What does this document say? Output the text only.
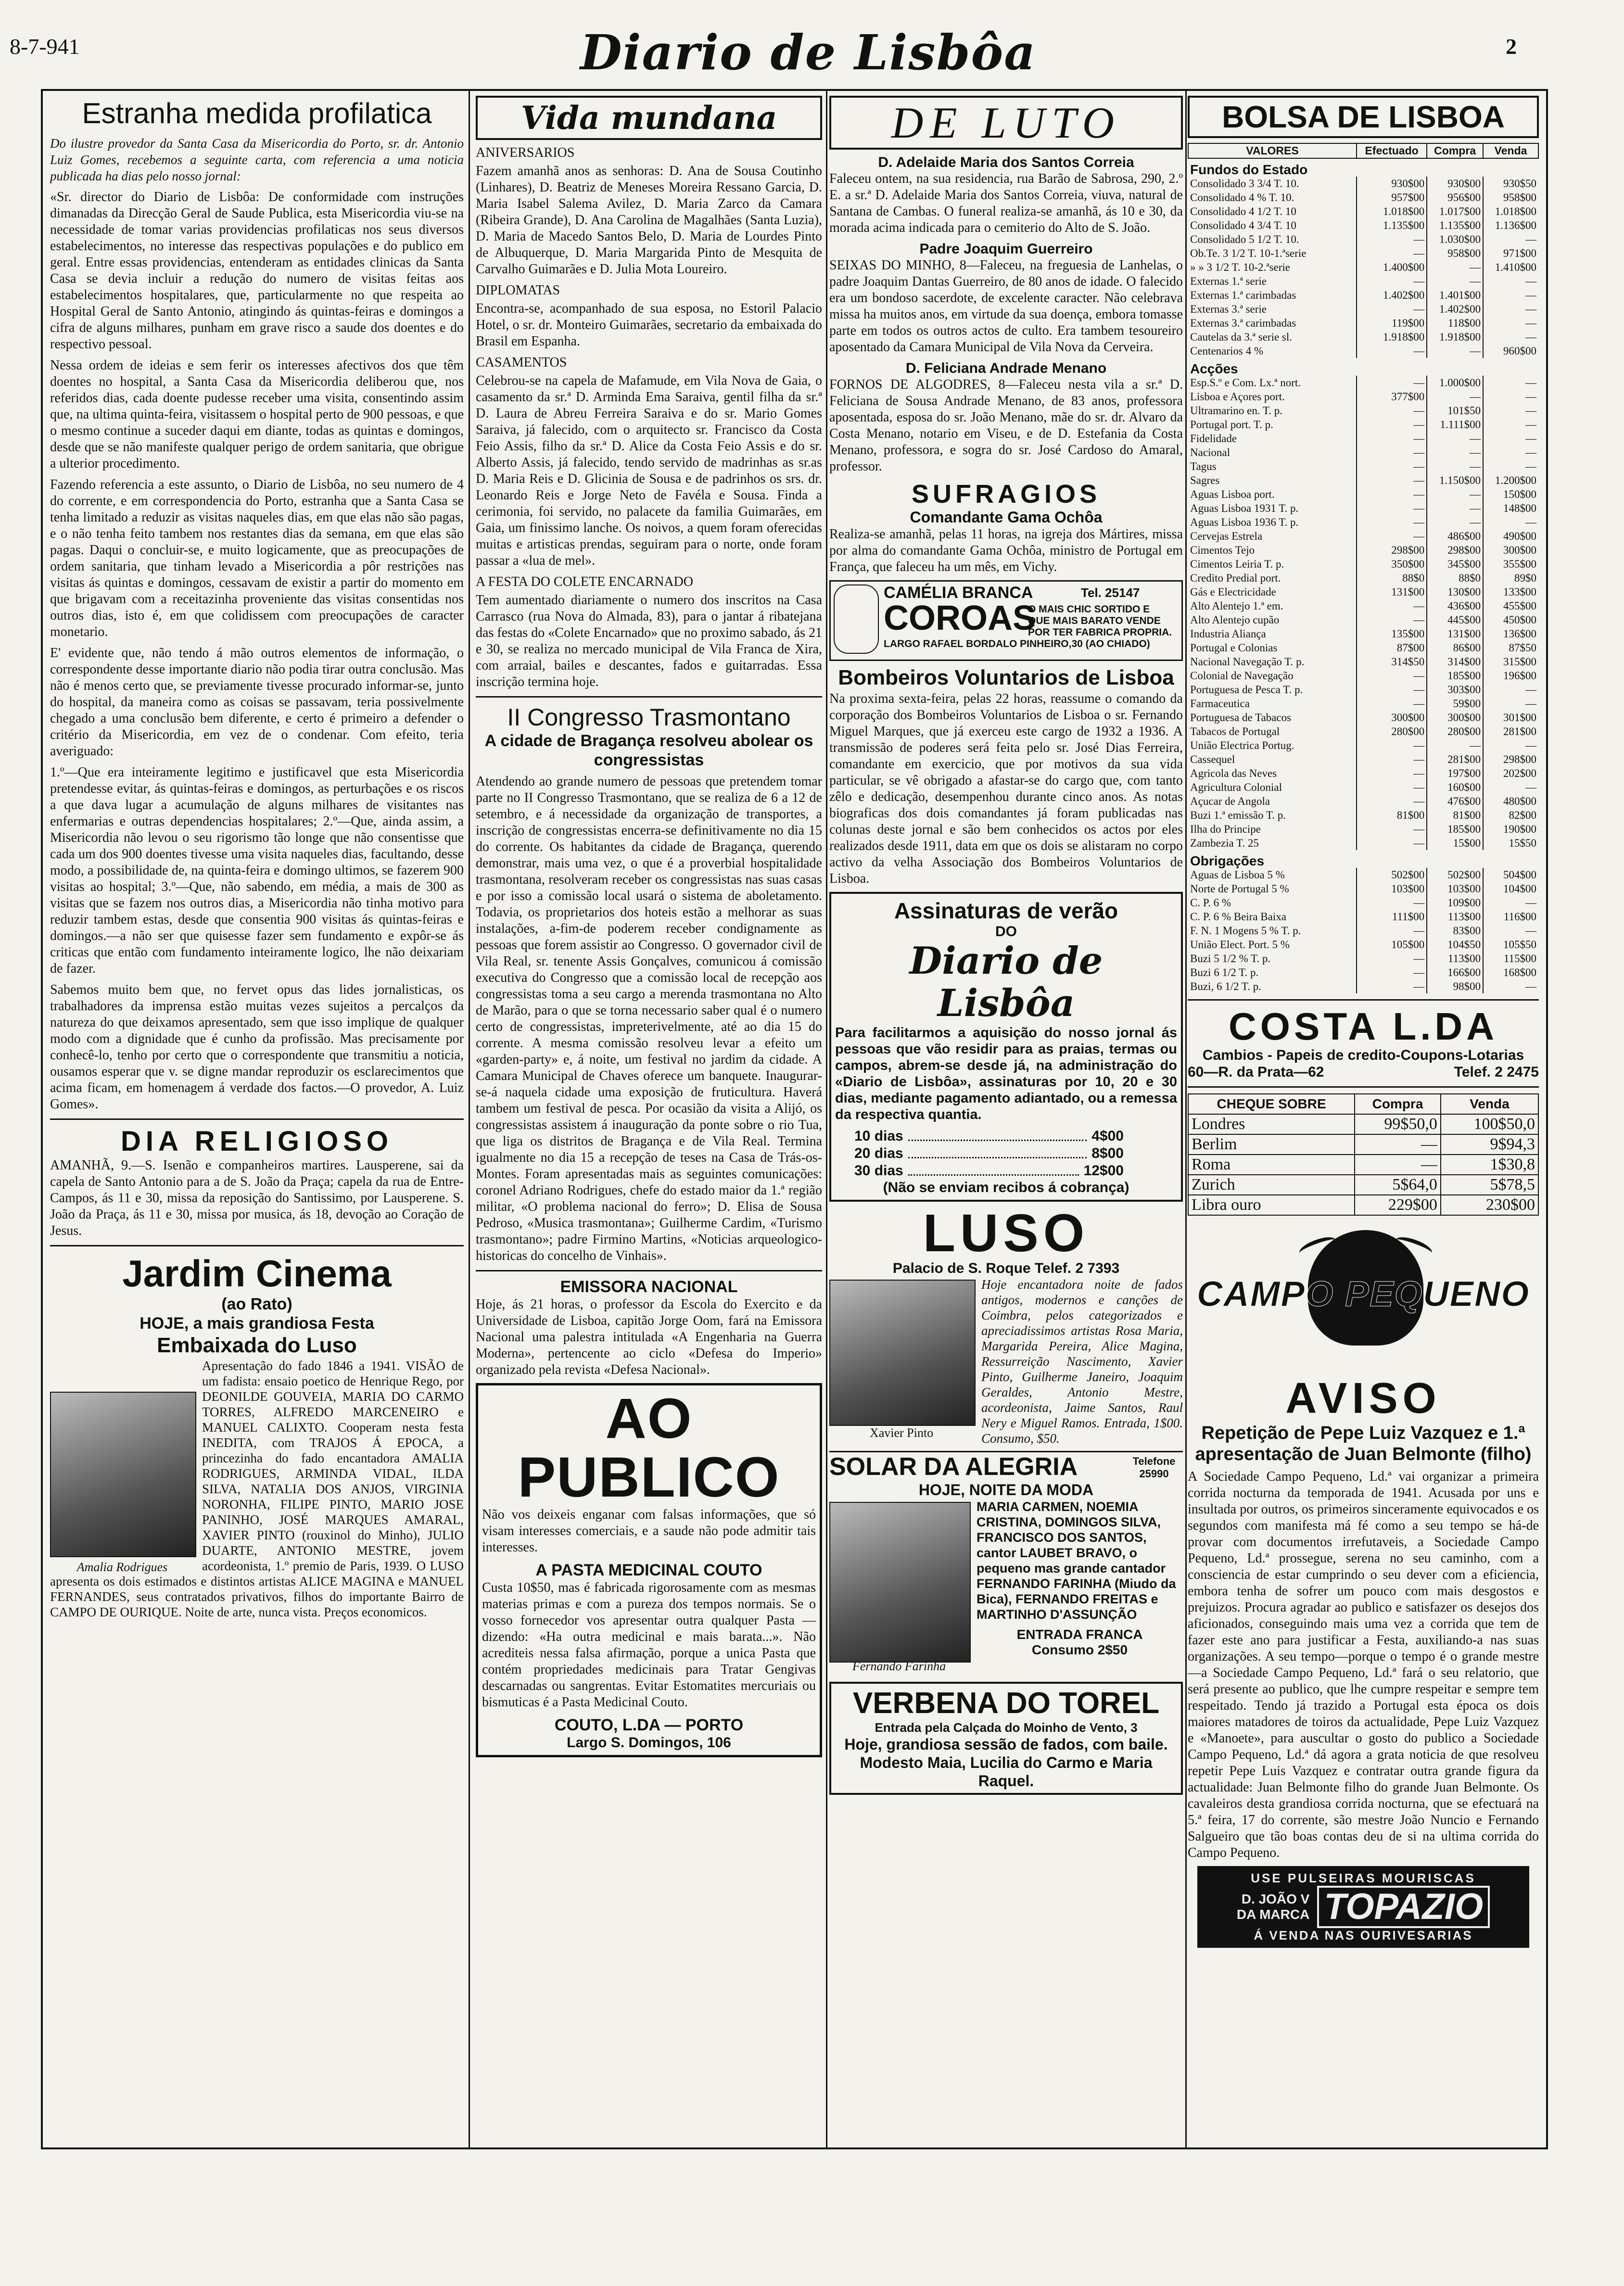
8-7-941	Diario de Lisbôa	2
Estranha medida profilatica

Do ilustre provedor da Santa Casa da Misericordia do Porto, sr. dr. Antonio Luiz Gomes, recebemos a seguinte carta, com referencia a uma noticia publicada ha dias pelo nosso jornal:

«Sr. director do Diario de Lisbôa: De conformidade com instruções dimanadas da Direcção Geral de Saude Publica, esta Misericordia viu-se na necessidade de tomar varias providencias profilaticas nos seus diversos estabelecimentos, no interesse das respectivas populações e do publico em geral. Entre essas providencias, entenderam as entidades clinicas da Santa Casa se devia incluir a redução do numero de visitas feitas aos estabelecimentos hospitalares, que, particularmente no que respeita ao Hospital Geral de Santo Antonio, atingindo ás quintas-feiras e domingos a cifra de alguns milhares, punham em grave risco a saude dos doentes e do respectivo pessoal.

Nessa ordem de ideias e sem ferir os interesses afectivos dos que têm doentes no hospital, a Santa Casa da Misericordia deliberou que, nos referidos dias, cada doente pudesse receber uma visita, consentindo assim que, na ultima quinta-feira, visitassem o hospital perto de 900 pessoas, e que o mesmo continue a suceder daqui em diante, todas as quintas e domingos, desde que se não manifeste qualquer perigo de ordem sanitaria, que obrigue a ulterior procedimento.

Fazendo referencia a este assunto, o Diario de Lisbôa, no seu numero de 4 do corrente, e em correspondencia do Porto, estranha que a Santa Casa se tenha limitado a reduzir as visitas naqueles dias, em que elas não são pagas, e o não tenha feito tambem nos restantes dias da semana, em que elas são pagas. Daqui o concluir-se, e muito logicamente, que as preocupações de ordem sanitaria, que tinham levado a Misericordia a pôr restrições nas visitas ás quintas e domingos, cessavam de existir a partir do momento em que brigavam com a receitazinha proveniente das visitas consentidas nos outros dias, isto é, em que colidissem com preocupações de caracter monetario.

E' evidente que, não tendo á mão outros elementos de informação, o correspondente desse importante diario não podia tirar outra conclusão. Mas não é menos certo que, se previamente tivesse procurado informar-se, junto do hospital, da maneira como as coisas se passavam, teria possivelmente chegado a uma conclusão bem diferente, e certo é primeiro a defender o critério da Misericordia, em vez de o condenar. Com efeito, teria averiguado:

1.º—Que era inteiramente legitimo e justificavel que esta Misericordia pretendesse evitar, ás quintas-feiras e domingos, as perturbações e os riscos a que dava lugar a acumulação de alguns milhares de visitantes nas enfermarias e outras dependencias hospitalares; 2.º—Que, ainda assim, a Misericordia não levou o seu rigorismo tão longe que não consentisse que cada um dos 900 doentes tivesse uma visita naqueles dias, facultando, desse modo, a possibilidade de, na quinta-feira e domingo ultimos, se fazerem 900 visitas ao hospital; 3.º—Que, não sabendo, em média, a mais de 300 as visitas que se fazem nos outros dias, a Misericordia não tinha motivo para reduzir tambem estas, desde que consentia 900 visitas ás quintas-feiras e domingos.—a não ser que quisesse fazer sem fundamento e expôr-se ás criticas que então com fundamento inteiramente logico, lhe não deixariam de fazer.

Sabemos muito bem que, no fervet opus das lides jornalisticas, os trabalhadores da imprensa estão muitas vezes sujeitos a percalços da natureza do que deixamos apresentado, sem que isso implique de qualquer modo com a dignidade que é cunho da profissão. Mas precisamente por conhecê-lo, tenho por certo que o correspondente que transmitiu a noticia, ousamos esperar que v. se digne mandar reproduzir os esclarecimentos que acima ficam, em homenagem á verdade dos factos.—O provedor, A. Luiz Gomes».

DIA RELIGIOSO

AMANHÃ, 9.—S. Isenão e companheiros martires. Lausperene, sai da capela de Santo Antonio para a de S. João da Praça; capela da rua de Entre-Campos, ás 11 e 30, missa da reposição do Santissimo, por Lausperene. S. João da Praça, ás 11 e 30, missa por musica, ás 18, devoção ao Coração de Jesus.

Jardim Cinema
(ao Rato)
HOJE, a mais grandiosa Festa
Embaixada do Luso

Apresentação do fado 1846 a 1941. VISÃO de um fadista: ensaio poetico de Henrique Rego, por DEONILDE GOUVEIA, MARIA DO CARMO TORRES, ALFREDO MARCENEIRO e MANUEL CALIXTO. Cooperam nesta festa INEDITA, com TRAJOS Á EPOCA, a princezinha do fado encantadora AMALIA RODRIGUES, ARMINDA VIDAL, ILDA SILVA, NATALIA DOS ANJOS, VIRGINIA NORONHA, FILIPE PINTO, MARIO JOSE PANINHO, JOSÉ MARQUES AMARAL, XAVIER PINTO (rouxinol do Minho), JULIO DUARTE, ANTONIO MESTRE, jovem acordeonista, 1.º premio de Paris, 1939. O LUSO apresenta os dois estimados e distintos artistas ALICE MAGINA e MANUEL FERNANDES, seus contratados privativos, filhos do importante Bairro de CAMPO DE OURIQUE. Noite de arte, nunca vista. Preços economicos.

Amalia Rodrigues
Vida mundana
ANIVERSARIOS

Fazem amanhã anos as senhoras: D. Ana de Sousa Coutinho (Linhares), D. Beatriz de Meneses Moreira Ressano Garcia, D. Maria Isabel Salema Avilez, D. Maria Zarco da Camara (Ribeira Grande), D. Ana Carolina de Magalhães (Santa Luzia), D. Maria de Macedo Santos Belo, D. Maria de Lourdes Pinto de Albuquerque, D. Maria Margarida Pinto de Mesquita de Carvalho Guimarães e D. Julia Mota Loureiro.

DIPLOMATAS

Encontra-se, acompanhado de sua esposa, no Estoril Palacio Hotel, o sr. dr. Monteiro Guimarães, secretario da embaixada do Brasil em Espanha.

CASAMENTOS

Celebrou-se na capela de Mafamude, em Vila Nova de Gaia, o casamento da sr.ª D. Arminda Ema Saraiva, gentil filha da sr.ª D. Laura de Abreu Ferreira Saraiva e do sr. Mario Gomes Saraiva, já falecido, com o arquitecto sr. Francisco da Costa Feio Assis, filho da sr.ª D. Alice da Costa Feio Assis e do sr. Alberto Assis, já falecido, tendo servido de madrinhas as sr.as D. Maria Reis e D. Glicinia de Sousa e de padrinhos os srs. dr. Leonardo Reis e Jorge Neto de Favéla e Sousa. Finda a cerimonia, foi servido, no palacete da familia Guimarães, em Gaia, um finissimo lanche. Os noivos, a quem foram oferecidas muitas e artisticas prendas, seguiram para o norte, onde foram passar a «lua de mel».

A FESTA DO COLETE ENCARNADO

Tem aumentado diariamente o numero dos inscritos na Casa Carrasco (rua Nova do Almada, 83), para o jantar á ribatejana das festas do «Colete Encarnado» que no proximo sabado, ás 21 e 30, se realiza no mercado municipal de Vila Franca de Xira, com arraial, bailes e descantes, fados e guitarradas. Essa inscrição termina hoje.

II Congresso Trasmontano
A cidade de Bragança resolveu abolear os congressistas

Atendendo ao grande numero de pessoas que pretendem tomar parte no II Congresso Trasmontano, que se realiza de 6 a 12 de setembro, e á necessidade da organização de transportes, a inscrição de congressistas encerra-se definitivamente no dia 15 do corrente. Os habitantes da cidade de Bragança, querendo demonstrar, mais uma vez, o que é a proverbial hospitalidade trasmontana, resolveram receber os congressistas nas suas casas e por isso a comissão local usará o sistema de aboletamento. Todavia, os proprietarios dos hoteis estão a melhorar as suas instalações, a-fim-de poderem receber condignamente as pessoas que forem assistir ao Congresso. O governador civil de Vila Real, sr. tenente Assis Gonçalves, comunicou á comissão executiva do Congresso que a comissão local de recepção aos congressistas toma a seu cargo a merenda trasmontana no Alto de Marão, para o que se torna necessario saber qual é o numero certo de congressistas, impreterivelmente, até ao dia 15 do corrente. A mesma comissão resolveu levar a efeito um «garden-party» e, á noite, um festival no jardim da cidade. A Camara Municipal de Chaves oferece um banquete. Inaugurar-se-á naquela cidade uma exposição de fruticultura. Haverá tambem um festival de pesca. Por ocasião da visita a Alijó, os congressistas assistem á inauguração da ponte sobre o rio Tua, que liga os distritos de Bragança e de Vila Real. Termina igualmente no dia 15 a recepção de teses na Casa de Trás-os-Montes. Foram apresentadas mais as seguintes comunicações: coronel Adriano Rodrigues, chefe do estado maior da 1.ª região militar, «O problema nacional do ferro»; D. Elisa de Sousa Pedroso, «Musica trasmontana»; Guilherme Cardim, «Turismo trasmontano»; padre Firmino Martins, «Noticias arqueologico-historicas do concelho de Vinhais».

EMISSORA NACIONAL

Hoje, ás 21 horas, o professor da Escola do Exercito e da Universidade de Lisboa, capitão Jorge Oom, fará na Emissora Nacional uma palestra intitulada «A Engenharia na Guerra Moderna», pertencente ao ciclo «Defesa do Imperio» organizado pela revista «Defesa Nacional».

AO PUBLICO

Não vos deixeis enganar com falsas informações, que só visam interesses comerciais, e a saude não pode admitir tais interesses.

A PASTA MEDICINAL COUTO

Custa 10$50, mas é fabricada rigorosamente com as mesmas materias primas e com a pureza dos tempos normais. Se o vosso fornecedor vos apresentar outra qualquer Pasta — dizendo: «Ha outra medicinal e mais barata...». Não acrediteis nessa falsa afirmação, porque a unica Pasta que contém propriedades medicinais para Tratar Gengivas descarnadas ou sangrentas. Evitar Estomatites mercuriais ou bismuticas é a Pasta Medicinal Couto.

COUTO, L.DA — PORTO
Largo S. Domingos, 106
DE LUTO
D. Adelaide Maria dos Santos Correia

Faleceu ontem, na sua residencia, rua Barão de Sabrosa, 290, 2.º E. a sr.ª D. Adelaide Maria dos Santos Correia, viuva, natural de Santana de Cambas. O funeral realiza-se amanhã, ás 10 e 30, da morada acima indicada para o cemiterio do Alto de S. João.

Padre Joaquim Guerreiro

SEIXAS DO MINHO, 8—Faleceu, na freguesia de Lanhelas, o padre Joaquim Dantas Guerreiro, de 80 anos de idade. O falecido era um bondoso sacerdote, de excelente caracter. Não celebrava missa ha muitos anos, em virtude da sua doença, embora tomasse parte em todos os outros actos de culto. Era tambem tesoureiro aposentado da Camara Municipal de Vila Nova da Cerveira.

D. Feliciana Andrade Menano

FORNOS DE ALGODRES, 8—Faleceu nesta vila a sr.ª D. Feliciana de Sousa Andrade Menano, de 83 anos, professora aposentada, esposa do sr. João Menano, mãe do sr. dr. Alvaro da Costa Menano, notario em Viseu, e de D. Estefania da Costa Menano, professora, e sogra do sr. José Cardoso do Amaral, professor.

SUFRAGIOS
Comandante Gama Ochôa

Realiza-se amanhã, pelas 11 horas, na igreja dos Mártires, missa por alma do comandante Gama Ochôa, ministro de Portugal em França, que faleceu ha um mês, em Vichy.

CAMÉLIA BRANCA	Tel. 25147
COROAS
O MAIS CHIC SORTIDO E QUE MAIS BARATO VENDE POR TER FABRICA PROPRIA.
LARGO RAFAEL BORDALO PINHEIRO,30 (AO CHIADO)
Bombeiros Voluntarios de Lisboa

Na proxima sexta-feira, pelas 22 horas, reassume o comando da corporação dos Bombeiros Voluntarios de Lisboa o sr. Fernando Miguel Marques, que já exerceu este cargo de 1932 a 1936. A transmissão de poderes será feita pelo sr. José Dias Ferreira, comandante em exercicio, que por motivos da sua vida particular, se vê obrigado a afastar-se do cargo que, com tanto zêlo e dedicação, desempenhou durante cinco anos. As notas biograficas dos dois comandantes já foram publicadas nas colunas deste jornal e são bem conhecidos os actos por eles realizados desde 1911, data em que os dois se alistaram no corpo activo da velha Associação dos Bombeiros Voluntarios de Lisboa.

Assinaturas de verão
DO
Diario de Lisbôa

Para facilitarmos a aquisição do nosso jornal ás pessoas que vão residir para as praias, termas ou campos, abrem-se desde já, na administração do «Diario de Lisbôa», assinaturas por 10, 20 e 30 dias, mediante pagamento adiantado, ou a remessa da respectiva quantia.

10 dias	4$00
20 dias	8$00
30 dias	12$00
(Não se enviam recibos á cobrança)
LUSO
Palacio de S. Roque Telef. 2 7393

Hoje encantadora noite de fados antigos, modernos e canções de Coimbra, pelos categorizados e apreciadissimos artistas Rosa Maria, Margarida Pereira, Alice Magina, Ressurreição Nascimento, Xavier Pinto, Guilherme Janeiro, Joaquim Geraldes, Antonio Mestre, acordeonista, Jaime Santos, Raul Nery e Miguel Ramos. Entrada, 1$00. Consumo, $50.

Xavier Pinto
SOLAR DA ALEGRIA	Telefone 25990
HOJE, NOITE DA MODA

MARIA CARMEN, NOEMIA CRISTINA, DOMINGOS SILVA, FRANCISCO DOS SANTOS, cantor LAUBET BRAVO, o pequeno mas grande cantador FERNANDO FARINHA (Miudo da Bica), FERNANDO FREITAS e MARTINHO D'ASSUNÇÃO

ENTRADA FRANCA
Consumo 2$50
Fernando Farinha
VERBENA DO TOREL
Entrada pela Calçada do Moinho de Vento, 3
Hoje, grandiosa sessão de fados, com baile. Modesto Maia, Lucilia do Carmo e Maria Raquel.
BOLSA DE LISBOA
VALORES	Efectuado	Compra	Venda
Fundos do Estado			
Consolidado 3 3/4 T. 10.	930$00	930$00	930$50
Consolidado 4 % T. 10.	957$00	956$00	958$00
Consolidado 4 1/2 T. 10	1.018$00	1.017$00	1.018$00
Consolidado 4 3/4 T. 10	1.135$00	1.135$00	1.136$00
Consolidado 5 1/2 T. 10.	—	1.030$00	—
Ob.Te. 3 1/2 T. 10-1.ªserie	—	958$00	971$00
» » 3 1/2 T. 10-2.ªserie	1.400$00	—	1.410$00
Externas 1.ª serie	—	—	—
Externas 1.ª carimbadas	1.402$00	1.401$00	—
Externas 3.ª serie	—	1.402$00	—
Externas 3.ª carimbadas	119$00	118$00	—
Cautelas da 3.ª serie sl.	1.918$00	1.918$00	—
Centenarios 4 %	—	—	960$00
Acções			
Esp.S.º e Com. Lx.ª nort.	—	1.000$00	—
Lisboa e Açores port.	377$00	—	—
Ultramarino en. T. p.	—	101$50	—
Portugal port. T. p.	—	1.111$00	—
Fidelidade	—	—	—
Nacional	—	—	—
Tagus	—	—	—
Sagres	—	1.150$00	1.200$00
Aguas Lisboa port.	—	—	150$00
Aguas Lisboa 1931 T. p.	—	—	148$00
Aguas Lisboa 1936 T. p.	—	—	—
Cervejas Estrela	—	486$00	490$00
Cimentos Tejo	298$00	298$00	300$00
Cimentos Leiria T. p.	350$00	345$00	355$00
Credito Predial port.	88$0	88$0	89$0
Gás e Electricidade	131$00	130$00	133$00
Alto Alentejo 1.ª em.	—	436$00	455$00
Alto Alentejo cupão	—	445$00	450$00
Industria Aliança	135$00	131$00	136$00
Portugal e Colonias	87$00	86$00	87$50
Nacional Navegação T. p.	314$50	314$00	315$00
Colonial de Navegação	—	185$00	196$00
Portuguesa de Pesca T. p.	—	303$00	—
Farmaceutica	—	59$00	—
Portuguesa de Tabacos	300$00	300$00	301$00
Tabacos de Portugal	280$00	280$00	281$00
União Electrica Portug.	—	—	—
Cassequel	—	281$00	298$00
Agricola das Neves	—	197$00	202$00
Agricultura Colonial	—	160$00	—
Açucar de Angola	—	476$00	480$00
Buzi 1.ª emissão T. p.	81$00	81$00	82$00
Ilha do Principe	—	185$00	190$00
Zambezia T. 25	—	15$00	15$50
Obrigações			
Aguas de Lisboa 5 %	502$00	502$00	504$00
Norte de Portugal 5 %	103$00	103$00	104$00
C. P. 6 %	—	109$00	—
C. P. 6 % Beira Baixa	111$00	113$00	116$00
F. N. 1 Mogens 5 % T. p.	—	83$00	—
União Elect. Port. 5 %	105$00	104$50	105$50
Buzi 5 1/2 % T. p.	—	113$00	115$00
Buzi 6 1/2 T. p.	—	166$00	168$00
Buzi, 6 1/2 T. p.	—	98$00	—
COSTA L.DA
Cambios - Papeis de credito-Coupons-Lotarias
60—R. da Prata—62	Telef. 2 2475
CHEQUE SOBRE	Compra	Venda
Londres	99$50,0	100$50,0
Berlim	—	9$94,3
Roma	—	1$30,8
Zurich	5$64,0	5$78,5
Libra ouro	229$00	230$00
CAMPO PEQUENO
AVISO
Repetição de Pepe Luiz Vazquez e 1.ª apresentação de Juan Belmonte (filho)

A Sociedade Campo Pequeno, Ld.ª vai organizar a primeira corrida nocturna da temporada de 1941. Acusada por uns e insultada por outros, os primeiros sinceramente equivocados e os segundos com manifesta má fé como a seu tempo se há-de provar com documentos irrefutaveis, a Sociedade Campo Pequeno, Ld.ª prossegue, serena no seu caminho, com a consciencia de estar cumprindo o seu dever com a eficiencia, embora tenha de sofrer um pouco com mais desgostos e prejuizos. Procura agradar ao publico e satisfazer os desejos dos aficionados, conseguindo mais uma vez a corrida que tem de fazer este ano para justificar a Festa, auxiliando-a nas suas organizações. A seu tempo—porque o tempo é o grande mestre—a Sociedade Campo Pequeno, Ld.ª fará o seu relatorio, que será presente ao publico, que lhe cumpre respeitar e sempre tem respeitado. Tendo já trazido a Portugal esta época os dois maiores matadores de toiros da actualidade, Pepe Luiz Vazquez e «Manoete», para auscultar o gosto do publico a Sociedade Campo Pequeno, Ld.ª dá agora a grata noticia de que resolveu repetir Pepe Luis Vazquez e contratar outra grande figura da actualidade: Juan Belmonte filho do grande Juan Belmonte. Os cavaleiros desta grandiosa corrida nocturna, que se efectuará na 5.ª feira, 17 do corrente, são mestre João Nuncio e Fernando Salgueiro que tão boas contas deu de si na ultima corrida do Campo Pequeno.

USE PULSEIRAS MOURISCAS
D. JOÃO V
DA MARCA TOPAZIO
Á VENDA NAS OURIVESARIAS
